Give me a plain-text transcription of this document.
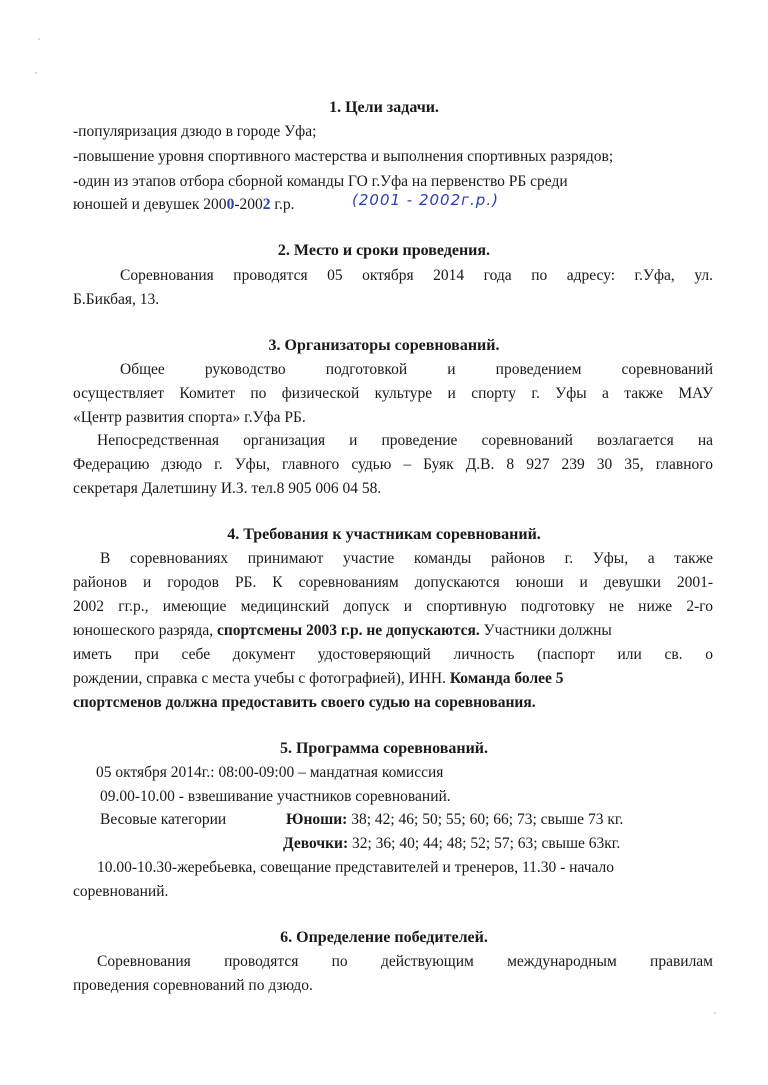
1. Цели задачи.
-популяризация дзюдо в городе Уфа;
-повышение уровня спортивного мастерства и выполнения спортивных разрядов;
-один из этапов отбора сборной команды ГО г.Уфа на первенство РБ среди
юношей и девушек 2000-2002 г.р.	(2001 - 2002г.р.)
2. Место и сроки проведения.
Соревнования проводятся 05 октября 2014 года по адресу: г.Уфа, ул.
Б.Бикбая, 13.
3. Организаторы соревнований.
Общее руководство подготовкой и проведением соревнований
осуществляет Комитет по физической культуре и спорту г. Уфы а также МАУ
«Центр развития спорта» г.Уфа РБ.
Непосредственная организация и проведение соревнований возлагается на
Федерацию дзюдо г. Уфы, главного судью – Буяк Д.В. 8 927 239 30 35, главного
секретаря Далетшину И.З. тел.8 905 006 04 58.
4. Требования к участникам соревнований.
В соревнованиях принимают участие команды районов г. Уфы, а также
районов и городов РБ. К соревнованиям допускаются юноши и девушки 2001-
2002 гг.р., имеющие медицинский допуск и спортивную подготовку не ниже 2-го
юношеского разряда, спортсмены 2003 г.р. не допускаются. Участники должны
иметь при себе документ удостоверяющий личность (паспорт или св. о
рождении, справка с места учебы с фотографией), ИНН. Команда более 5
спортсменов должна предоставить своего судью на соревнования.
5. Программа соревнований.
05 октября 2014г.: 08:00-09:00 – мандатная комиссия
09.00-10.00 - взвешивание участников соревнований.
Весовые категории	Юноши: 38; 42; 46; 50; 55; 60; 66; 73; свыше 73 кг.
Девочки: 32; 36; 40; 44; 48; 52; 57; 63; свыше 63кг.
10.00-10.30-жеребьевка, совещание представителей и тренеров, 11.30 - начало
соревнований.
6. Определение победителей.
Соревнования проводятся по действующим международным правилам
проведения соревнований по дзюдо.
